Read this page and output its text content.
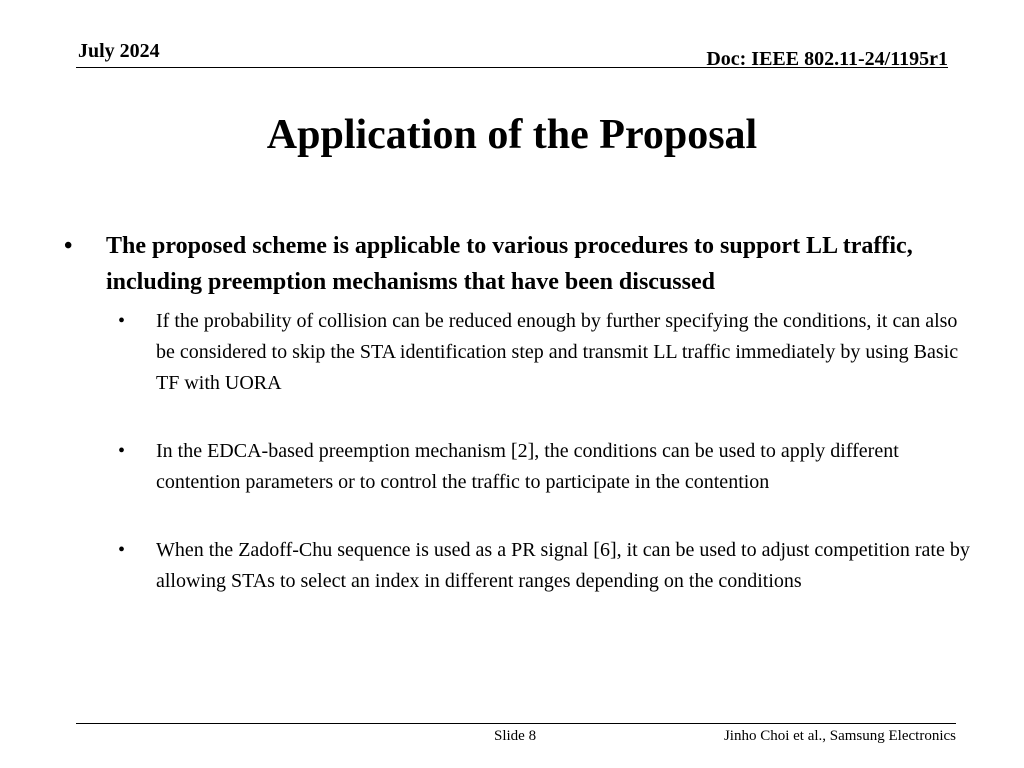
July 2024	Doc: IEEE 802.11-24/1195r1
Application of the Proposal
• The proposed scheme is applicable to various procedures to support LL traffic, including preemption mechanisms that have been discussed
• If the probability of collision can be reduced enough by further specifying the conditions, it can also be considered to skip the STA identification step and transmit LL traffic immediately by using Basic TF with UORA
• In the EDCA-based preemption mechanism [2], the conditions can be used to apply different contention parameters or to control the traffic to participate in the contention
• When the Zadoff-Chu sequence is used as a PR signal [6], it can be used to adjust competition rate by allowing STAs to select an index in different ranges depending on the conditions
Slide 8	Jinho Choi et al., Samsung Electronics
